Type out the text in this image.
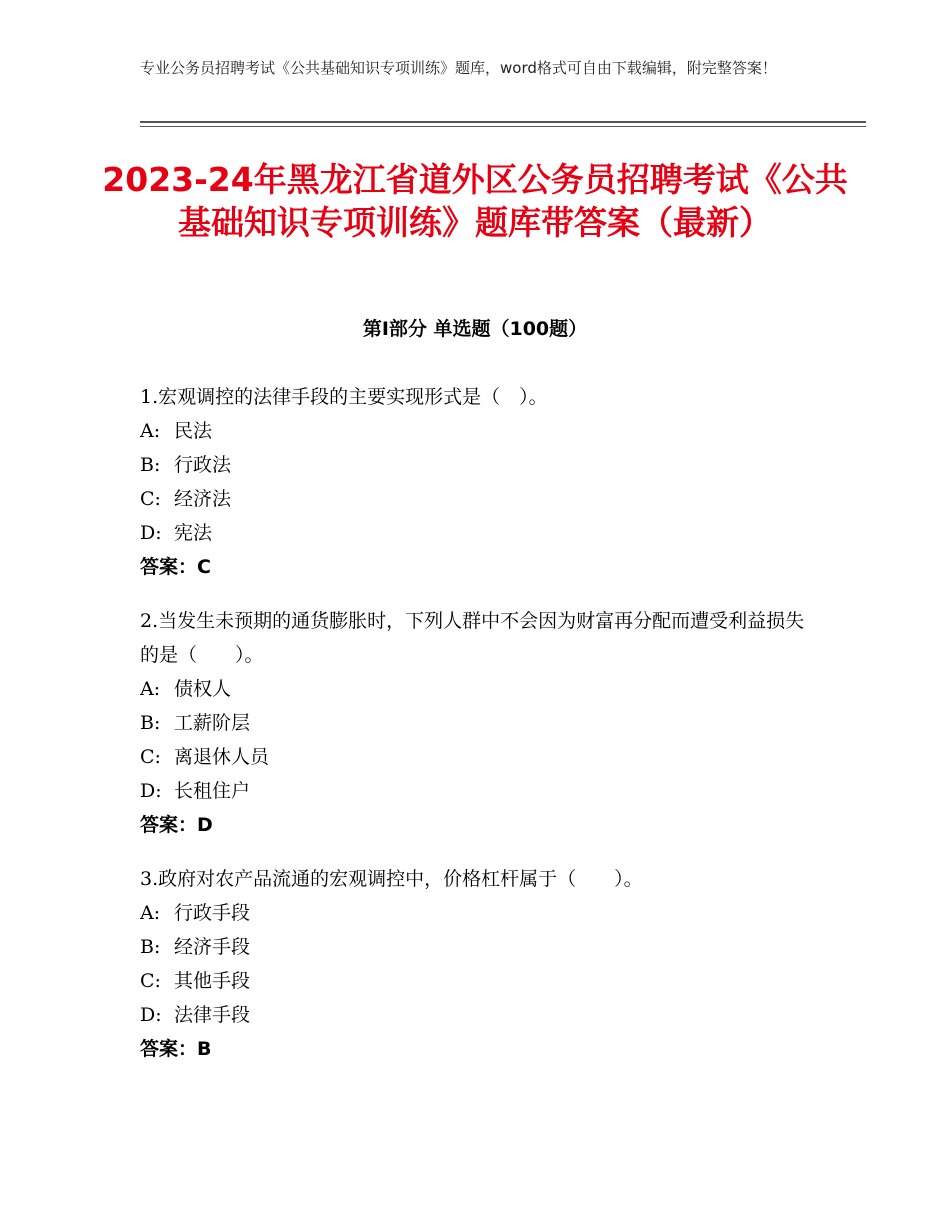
专业公务员招聘考试《公共基础知识专项训练》题库，word格式可自由下载编辑，附完整答案！
2023-24年黑龙江省道外区公务员招聘考试《公共基础知识专项训练》题库带答案（最新）
第I部分 单选题（100题）

1.宏观调控的法律手段的主要实现形式是（　）。

A: 民法

B: 行政法

C: 经济法

D: 宪法

答案：C

2.当发生未预期的通货膨胀时，下列人群中不会因为财富再分配而遭受利益损失的是（　　）。

A: 债权人

B: 工薪阶层

C: 离退休人员

D: 长租住户

答案：D

3.政府对农产品流通的宏观调控中，价格杠杆属于（　　）。

A: 行政手段

B: 经济手段

C: 其他手段

D: 法律手段

答案：B
